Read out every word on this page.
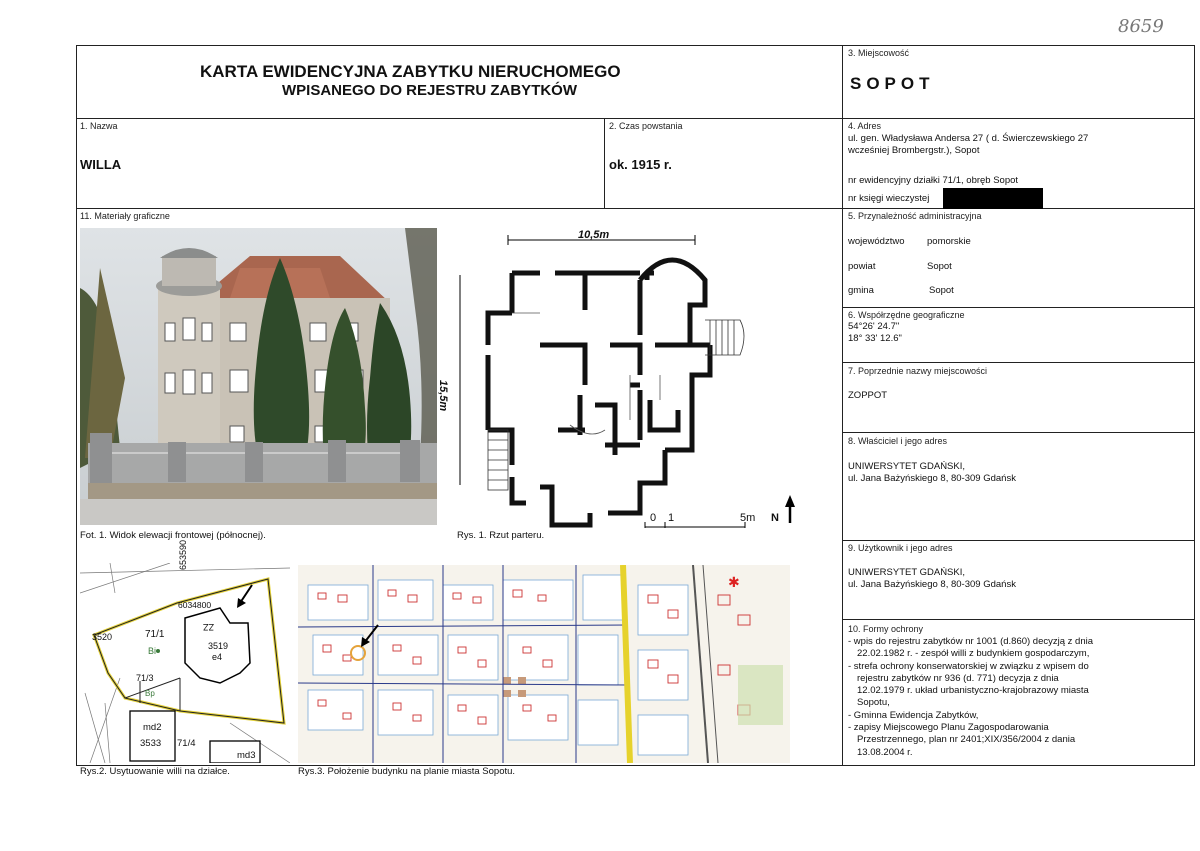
8659
KARTA EWIDENCYJNA ZABYTKU NIERUCHOMEGO
WPISANEGO DO REJESTRU ZABYTKÓW
3. Miejscowość
SOPOT
1. Nazwa
WILLA
2. Czas powstania
ok. 1915 r.
4. Adres
ul. gen. Władysława Andersa 27 ( d. Świerczewskiego 27
wcześniej Brombergstr.), Sopot
nr ewidencyjny działki 71/1, obręb Sopot
nr księgi wieczystej
5. Przynależność administracyjna
województwo pomorskie
powiat	Sopot
gmina	Sopot
6. Współrzędne geograficzne
54°26' 24.7"
18° 33' 12.6"
7. Poprzednie nazwy miejscowości
ZOPPOT
8. Właściciel i jego adres
UNIWERSYTET GDAŃSKI,
ul. Jana Bażyńskiego 8, 80-309 Gdańsk
9. Użytkownik i jego adres
UNIWERSYTET GDAŃSKI,
ul. Jana Bażyńskiego 8, 80-309 Gdańsk
10. Formy ochrony
- wpis do rejestru zabytków nr 1001 (d.860) decyzją z dnia
22.02.1982 r. - zespół willi z budynkiem gospodarczym,
- strefa ochrony konserwatorskiej w związku z wpisem do
rejestru zabytków nr 936 (d. 771) decyzja z dnia
12.02.1979 r. układ urbanistyczno-krajobrazowy miasta
Sopotu,
- Gminna Ewidencja Zabytków,
- zapisy Miejscowego Planu Zagospodarowania
Przestrzennego, plan nr 2401;XIX/356/2004 z dania
13.08.2004 r.
11. Materiały graficzne
10,5m
15,5m
0 1	5m N
Fot. 1. Widok elewacji frontowej (północnej).	Rys. 1. Rzut parteru.
653590
6034800
3520	71/1
Bi
ZZ
3519
e4
71/3
Bp
md2
3533 71/4
md3
✱
Rys.2. Usytuowanie willi na działce.	Rys.3. Położenie budynku na planie miasta Sopotu.
